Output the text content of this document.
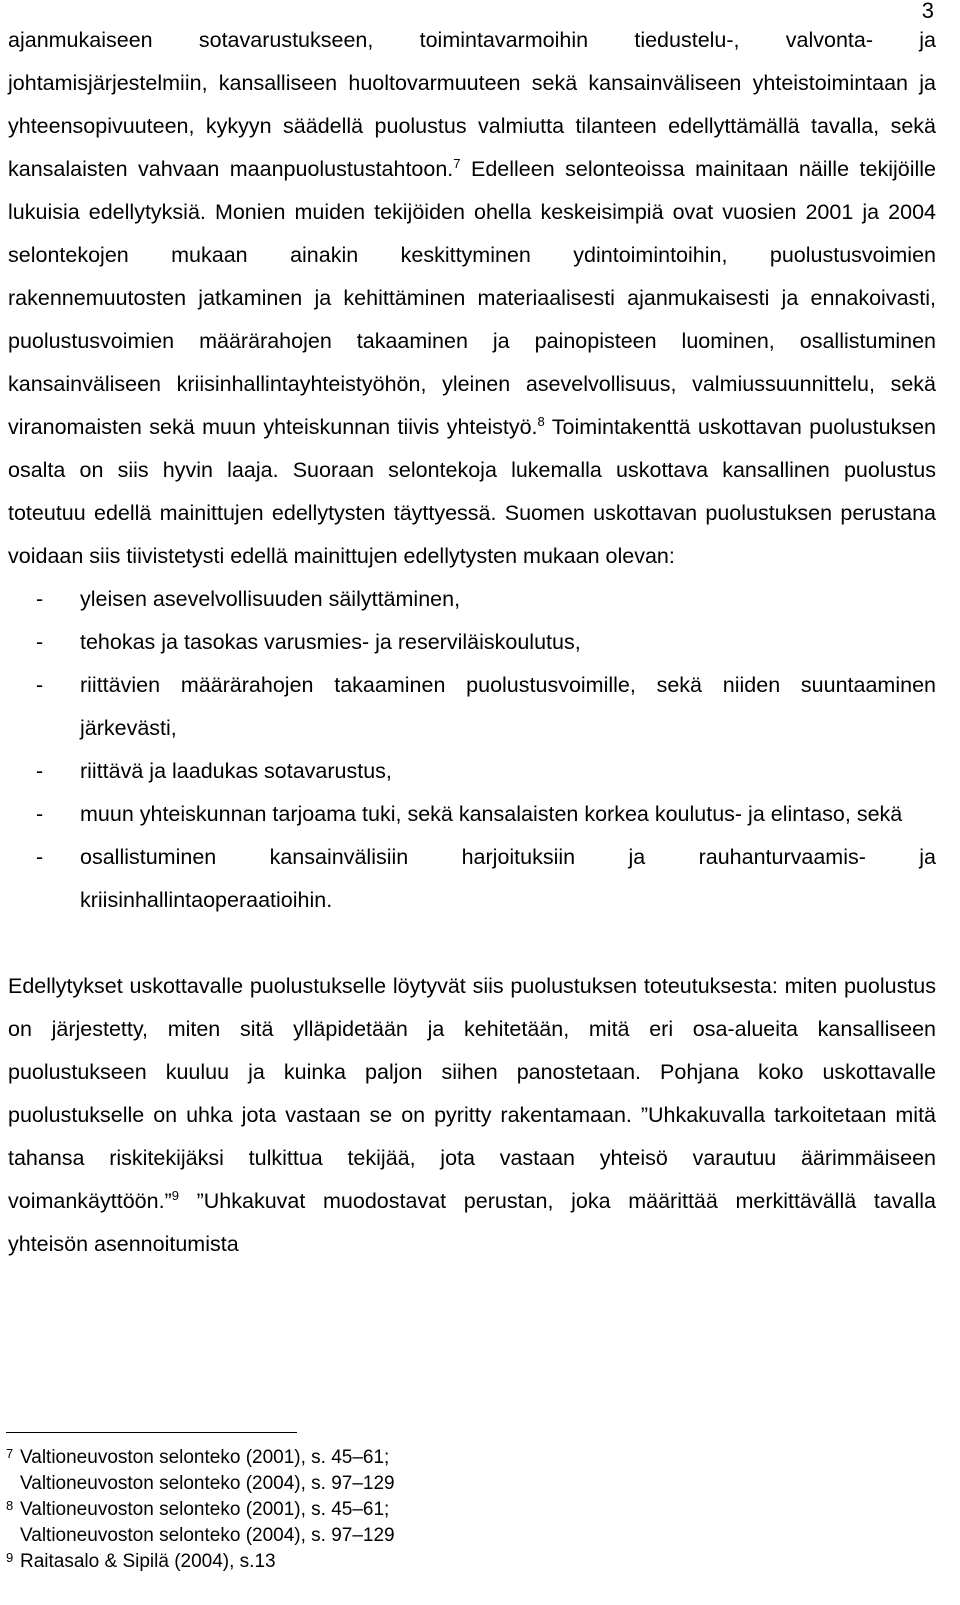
3

ajanmukaiseen sotavarustukseen, toimintavarmoihin tiedustelu-, valvonta- ja johtamisjärjestelmiin, kansalliseen huoltovarmuuteen sekä kansainväliseen yhteistoimintaan ja yhteensopivuuteen, kykyyn säädellä puolustus valmiutta tilanteen edellyttämällä tavalla, sekä kansalaisten vahvaan maanpuolustustahtoon.$^7$ Edelleen selonteoissa mainitaan näille tekijöille lukuisia edellytyksiä. Monien muiden tekijöiden ohella keskeisimpiä ovat vuosien 2001 ja 2004 selontekojen mukaan ainakin keskittyminen ydintoimintoihin, puolustusvoimien rakennemuutosten jatkaminen ja kehittäminen materiaalisesti ajanmukaisesti ja ennakoivasti, puolustusvoimien määrärahojen takaaminen ja painopisteen luominen, osallistuminen kansainväliseen kriisinhallintayhteistyöhön, yleinen asevelvollisuus, valmiussuunnittelu, sekä viranomaisten sekä muun yhteiskunnan tiivis yhteistyö.$^8$ Toimintakenttä uskottavan puolustuksen osalta on siis hyvin laaja. Suoraan selontekoja lukemalla uskottava kansallinen puolustus toteutuu edellä mainittujen edellytysten täyttyessä. Suomen uskottavan puolustuksen perustana voidaan siis tiivistetysti edellä mainittujen edellytysten mukaan olevan:

- yleisen asevelvollisuuden säilyttäminen,
- tehokas ja tasokas varusmies- ja reserviläiskoulutus,
- riittävien määrärahojen takaaminen puolustusvoimille, sekä niiden suuntaaminen järkevästi,
- riittävä ja laadukas sotavarustus,
- muun yhteiskunnan tarjoama tuki, sekä kansalaisten korkea koulutus- ja elintaso, sekä
- osallistuminen kansainvälisiin harjoituksiin ja rauhanturvaamis- ja kriisinhallintaoperaatioihin.

Edellytykset uskottavalle puolustukselle löytyvät siis puolustuksen toteutuksesta: miten puolustus on järjestetty, miten sitä ylläpidetään ja kehitetään, mitä eri osa-alueita kansalliseen puolustukseen kuuluu ja kuinka paljon siihen panostetaan. Pohjana koko uskottavalle puolustukselle on uhka jota vastaan se on pyritty rakentamaan. ”Uhkakuvalla tarkoitetaan mitä tahansa riskitekijäksi tulkittua tekijää, jota vastaan yhteisö varautuu äärimmäiseen voimankäyttöön.”$^9$ ”Uhkakuvat muodostavat perustan, joka määrittää merkittävällä tavalla yhteisön asennoitumista

7 Valtioneuvoston selonteko (2001), s. 45–61;
Valtioneuvoston selonteko (2004), s. 97–129
8 Valtioneuvoston selonteko (2001), s. 45–61;
Valtioneuvoston selonteko (2004), s. 97–129
9 Raitasalo & Sipilä (2004), s.13
